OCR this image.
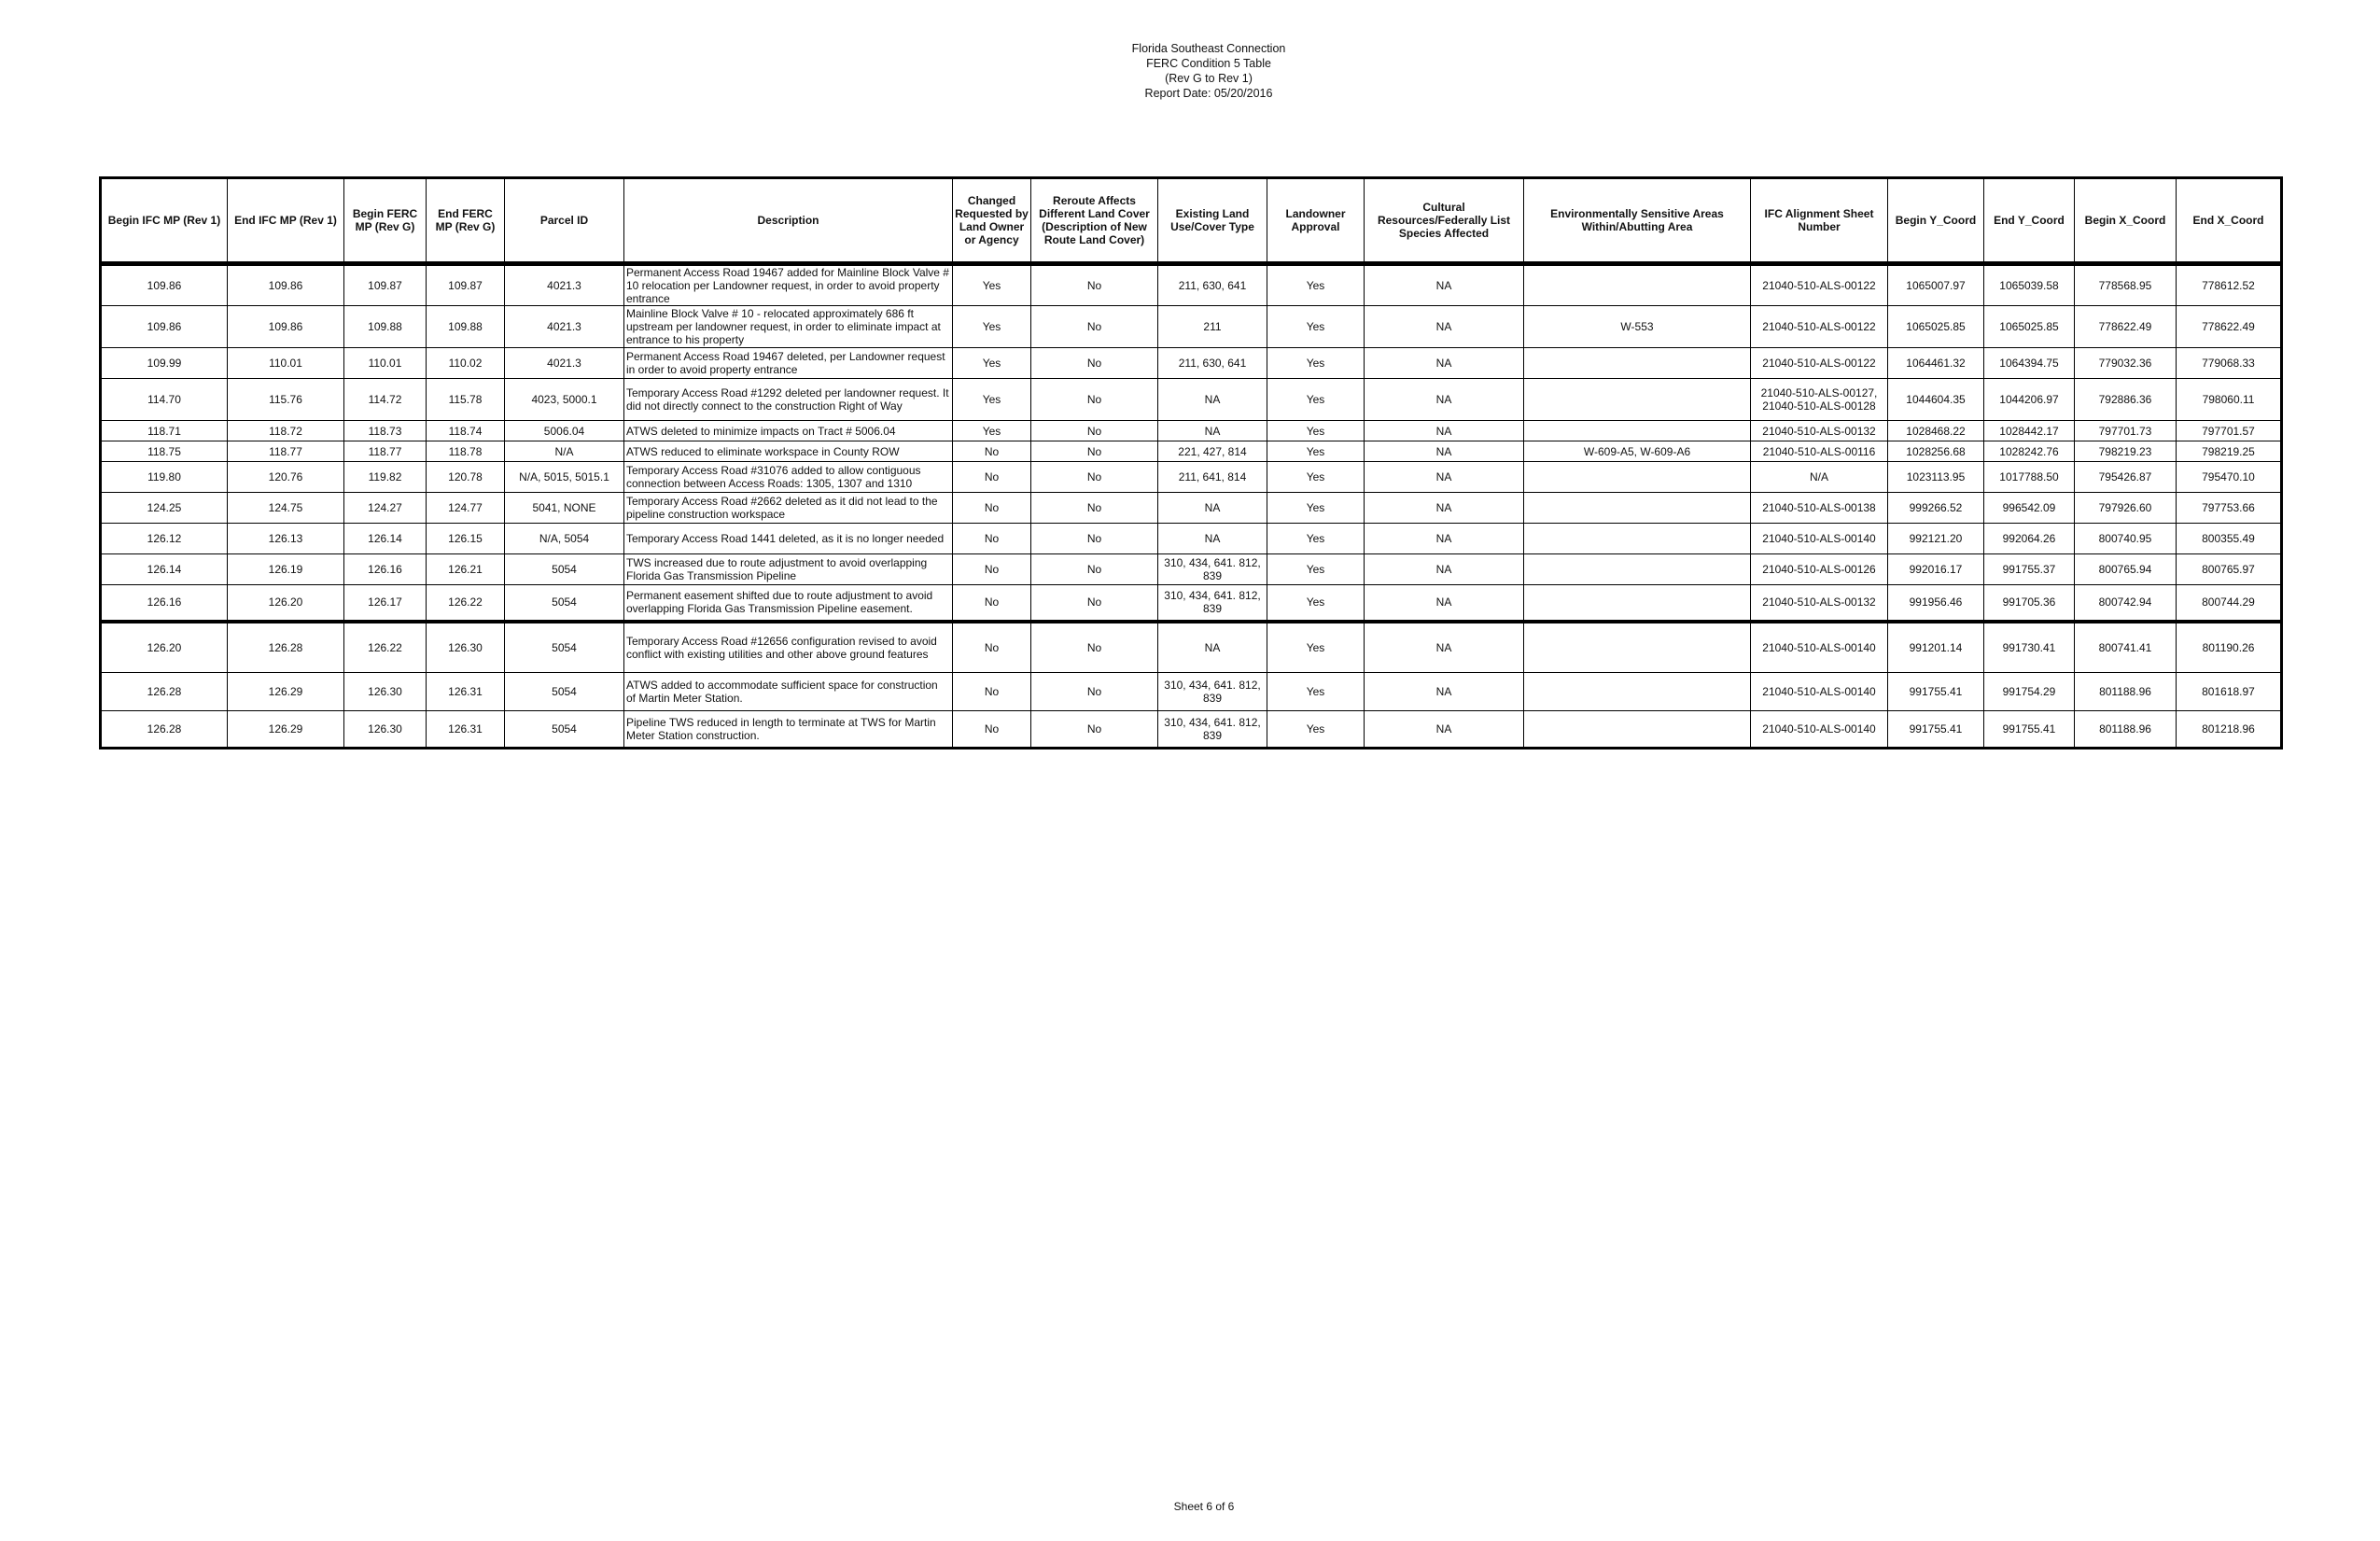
Florida Southeast Connection
FERC Condition 5 Table
(Rev G to Rev 1)
Report Date: 05/20/2016
Begin IFC MP (Rev 1)	End IFC MP (Rev 1)	Begin FERC MP (Rev G)	End FERC MP (Rev G)	Parcel ID	Description	Changed Requested by Land Owner or Agency	Reroute Affects Different Land Cover (Description of New Route Land Cover)	Existing Land Use/Cover Type	Landowner Approval	Cultural Resources/Federally List Species Affected	Environmentally Sensitive Areas Within/Abutting Area	IFC Alignment Sheet Number	Begin Y_Coord	End Y_Coord	Begin X_Coord	End X_Coord
109.86	109.86	109.87	109.87	4021.3	Permanent Access Road 19467 added for Mainline Block Valve # 10 relocation per Landowner request, in order to avoid property entrance	Yes	No	211, 630, 641	Yes	NA		21040-510-ALS-00122	1065007.97	1065039.58	778568.95	778612.52
109.86	109.86	109.88	109.88	4021.3	Mainline Block Valve # 10 - relocated approximately 686 ft upstream per landowner request, in order to eliminate impact at entrance to his property	Yes	No	211	Yes	NA	W-553	21040-510-ALS-00122	1065025.85	1065025.85	778622.49	778622.49
109.99	110.01	110.01	110.02	4021.3	Permanent Access Road 19467 deleted, per Landowner request in order to avoid property entrance	Yes	No	211, 630, 641	Yes	NA		21040-510-ALS-00122	1064461.32	1064394.75	779032.36	779068.33
114.70	115.76	114.72	115.78	4023, 5000.1	Temporary Access Road #1292 deleted per landowner request. It did not directly connect to the construction Right of Way	Yes	No	NA	Yes	NA		21040-510-ALS-00127, 21040-510-ALS-00128	1044604.35	1044206.97	792886.36	798060.11
118.71	118.72	118.73	118.74	5006.04	ATWS deleted to minimize impacts on Tract # 5006.04	Yes	No	NA	Yes	NA		21040-510-ALS-00132	1028468.22	1028442.17	797701.73	797701.57
118.75	118.77	118.77	118.78	N/A	ATWS reduced to eliminate workspace in County ROW	No	No	221, 427, 814	Yes	NA	W-609-A5, W-609-A6	21040-510-ALS-00116	1028256.68	1028242.76	798219.23	798219.25
119.80	120.76	119.82	120.78	N/A, 5015, 5015.1	Temporary Access Road #31076 added to allow contiguous connection between Access Roads: 1305, 1307 and 1310	No	No	211, 641, 814	Yes	NA		N/A	1023113.95	1017788.50	795426.87	795470.10
124.25	124.75	124.27	124.77	5041, NONE	Temporary Access Road #2662 deleted as it did not lead to the pipeline construction workspace	No	No	NA	Yes	NA		21040-510-ALS-00138	999266.52	996542.09	797926.60	797753.66
126.12	126.13	126.14	126.15	N/A, 5054	Temporary Access Road 1441 deleted, as it is no longer needed	No	No	NA	Yes	NA		21040-510-ALS-00140	992121.20	992064.26	800740.95	800355.49
126.14	126.19	126.16	126.21	5054	TWS increased due to route adjustment to avoid overlapping Florida Gas Transmission Pipeline	No	No	310, 434, 641. 812, 839	Yes	NA		21040-510-ALS-00126	992016.17	991755.37	800765.94	800765.97
126.16	126.20	126.17	126.22	5054	Permanent easement shifted due to route adjustment to avoid overlapping Florida Gas Transmission Pipeline easement.	No	No	310, 434, 641. 812, 839	Yes	NA		21040-510-ALS-00132	991956.46	991705.36	800742.94	800744.29
126.20	126.28	126.22	126.30	5054	Temporary Access Road #12656 configuration revised to avoid conflict with existing utilities and other above ground features	No	No	NA	Yes	NA		21040-510-ALS-00140	991201.14	991730.41	800741.41	801190.26
126.28	126.29	126.30	126.31	5054	ATWS added to accommodate sufficient space for construction of Martin Meter Station.	No	No	310, 434, 641. 812, 839	Yes	NA		21040-510-ALS-00140	991755.41	991754.29	801188.96	801618.97
126.28	126.29	126.30	126.31	5054	Pipeline TWS reduced in length to terminate at TWS for Martin Meter Station construction.	No	No	310, 434, 641. 812, 839	Yes	NA		21040-510-ALS-00140	991755.41	991755.41	801188.96	801218.96
Sheet 6 of 6
